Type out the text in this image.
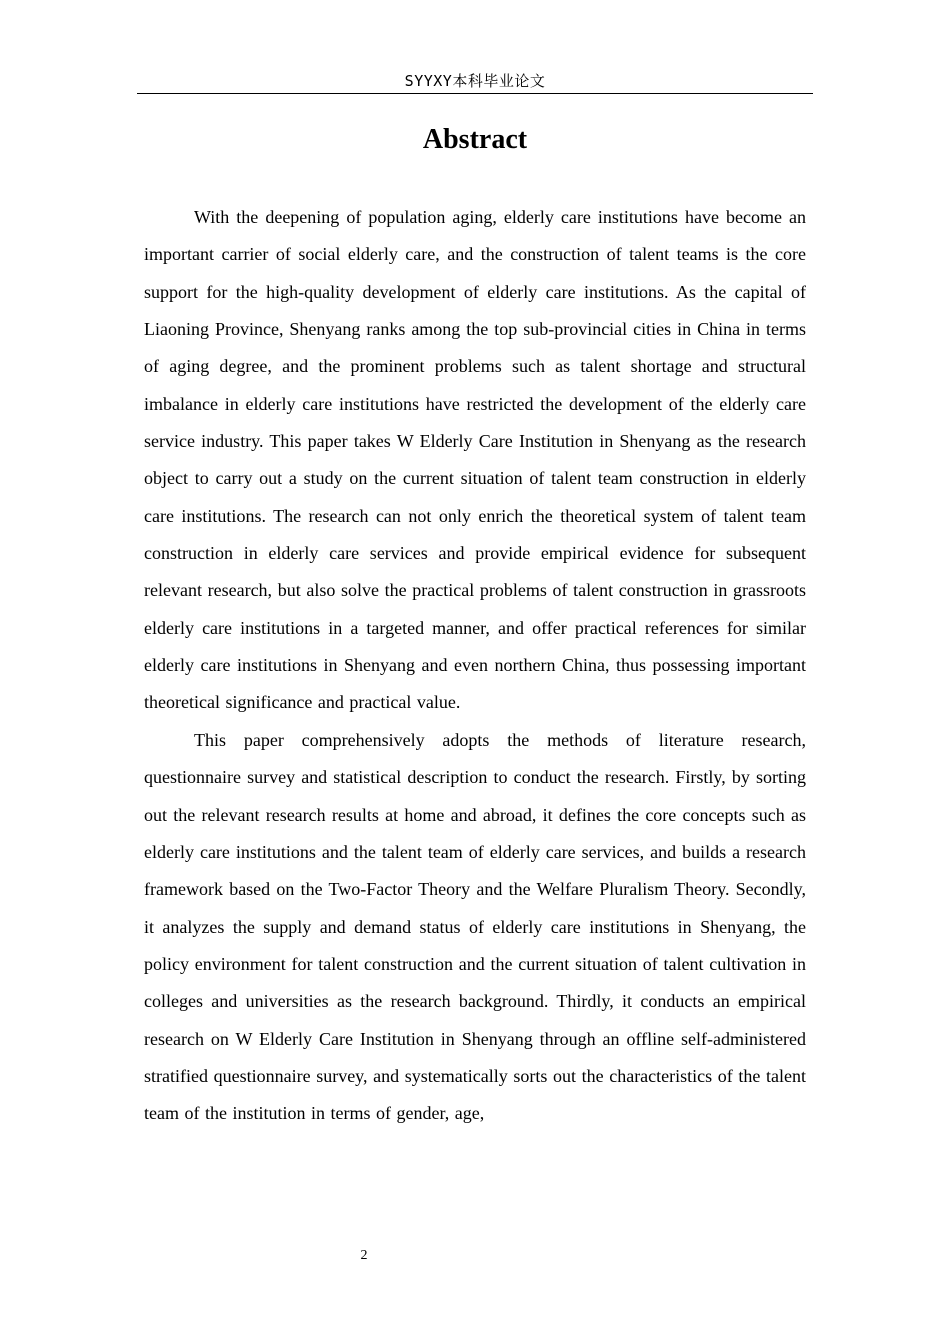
SYYXY本科毕业论文
Abstract

With the deepening of population aging, elderly care institutions have become an important carrier of social elderly care, and the construction of talent teams is the core support for the high-quality development of elderly care institutions. As the capital of Liaoning Province, Shenyang ranks among the top sub-provincial cities in China in terms of aging degree, and the prominent problems such as talent shortage and structural imbalance in elderly care institutions have restricted the development of the elderly care service industry. This paper takes W Elderly Care Institution in Shenyang as the research object to carry out a study on the current situation of talent team construction in elderly care institutions. The research can not only enrich the theoretical system of talent team construction in elderly care services and provide empirical evidence for subsequent relevant research, but also solve the practical problems of talent construction in grassroots elderly care institutions in a targeted manner, and offer practical references for similar elderly care institutions in Shenyang and even northern China, thus possessing important theoretical significance and practical value.

This paper comprehensively adopts the methods of literature research, questionnaire survey and statistical description to conduct the research. Firstly, by sorting out the relevant research results at home and abroad, it defines the core concepts such as elderly care institutions and the talent team of elderly care services, and builds a research framework based on the Two-Factor Theory and the Welfare Pluralism Theory. Secondly, it analyzes the supply and demand status of elderly care institutions in Shenyang, the policy environment for talent construction and the current situation of talent cultivation in colleges and universities as the research background. Thirdly, it conducts an empirical research on W Elderly Care Institution in Shenyang through an offline self-administered stratified questionnaire survey, and systematically sorts out the characteristics of the talent team of the institution in terms of gender, age,

2
